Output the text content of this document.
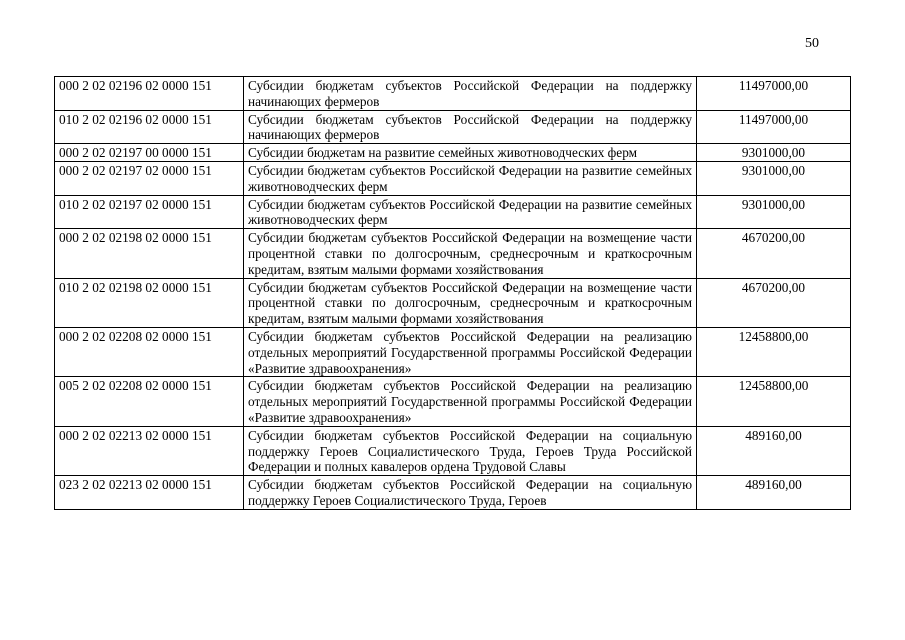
50
000 2 02 02196 02 0000 151	Субсидии бюджетам субъектов Российской Федерации на поддержку начинающих фермеров	11497000,00
010 2 02 02196 02 0000 151	Субсидии бюджетам субъектов Российской Федерации на поддержку начинающих фермеров	11497000,00
000 2 02 02197 00 0000 151	Субсидии бюджетам на развитие семейных животноводческих ферм	9301000,00
000 2 02 02197 02 0000 151	Субсидии бюджетам субъектов Российской Федерации на развитие семейных животноводческих ферм	9301000,00
010 2 02 02197 02 0000 151	Субсидии бюджетам субъектов Российской Федерации на развитие семейных животноводческих ферм	9301000,00
000 2 02 02198 02 0000 151	Субсидии бюджетам субъектов Российской Федерации на возмещение части процентной ставки по долгосрочным, среднесрочным и краткосрочным кредитам, взятым малыми формами хозяйствования	4670200,00
010 2 02 02198 02 0000 151	Субсидии бюджетам субъектов Российской Федерации на возмещение части процентной ставки по долгосрочным, среднесрочным и краткосрочным кредитам, взятым малыми формами хозяйствования	4670200,00
000 2 02 02208 02 0000 151	Субсидии бюджетам субъектов Российской Федерации на реализацию отдельных мероприятий Государственной программы Российской Федерации «Развитие здравоохранения»	12458800,00
005 2 02 02208 02 0000 151	Субсидии бюджетам субъектов Российской Федерации на реализацию отдельных мероприятий Государственной программы Российской Федерации «Развитие здравоохранения»	12458800,00
000 2 02 02213 02 0000 151	Субсидии бюджетам субъектов Российской Федерации на социальную поддержку Героев Социалистического Труда, Героев Труда Российской Федерации и полных кавалеров ордена Трудовой Славы	489160,00
023 2 02 02213 02 0000 151	Субсидии бюджетам субъектов Российской Федерации на социальную поддержку Героев Социалистического Труда, Героев	489160,00
